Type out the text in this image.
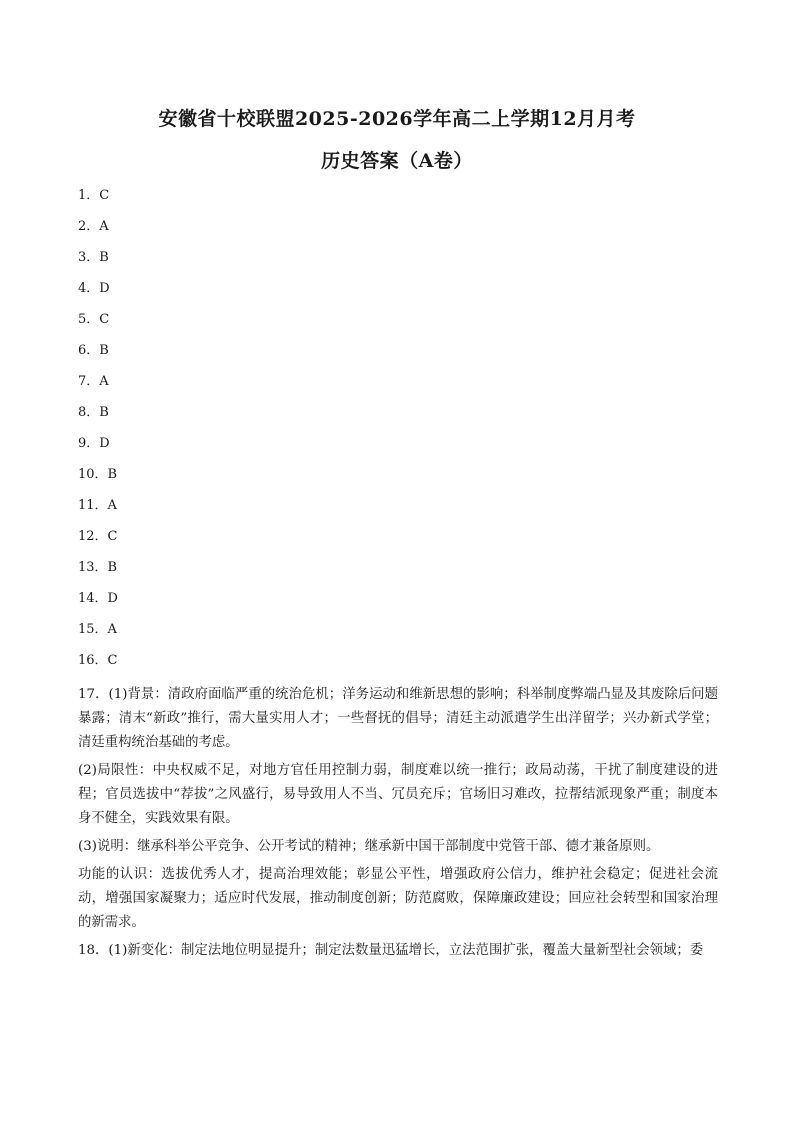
安徽省十校联盟2025-2026学年高二上学期12月月考
历史答案（A卷）
1．C
2．A
3．B
4．D
5．C
6．B
7．A
8．B
9．D
10．B
11．A
12．C
13．B
14．D
15．A
16．C

17．(1)背景：清政府面临严重的统治危机；洋务运动和维新思想的影响；科举制度弊端凸显及其废除后问题暴露；清末“新政”推行，需大量实用人才；一些督抚的倡导；清廷主动派遣学生出洋留学；兴办新式学堂；清廷重构统治基础的考虑。

(2)局限性：中央权威不足，对地方官任用控制力弱，制度难以统一推行；政局动荡，干扰了制度建设的进程；官员选拔中“荐拔”之风盛行，易导致用人不当、冗员充斥；官场旧习难改，拉帮结派现象严重；制度本身不健全，实践效果有限。

(3)说明：继承科举公平竞争、公开考试的精神；继承新中国干部制度中党管干部、德才兼备原则。

功能的认识：选拔优秀人才，提高治理效能；彰显公平性，增强政府公信力，维护社会稳定；促进社会流动，增强国家凝聚力；适应时代发展，推动制度创新；防范腐败，保障廉政建设；回应社会转型和国家治理的新需求。

18．(1)新变化：制定法地位明显提升；制定法数量迅猛增长，立法范围扩张，覆盖大量新型社会领域；委
